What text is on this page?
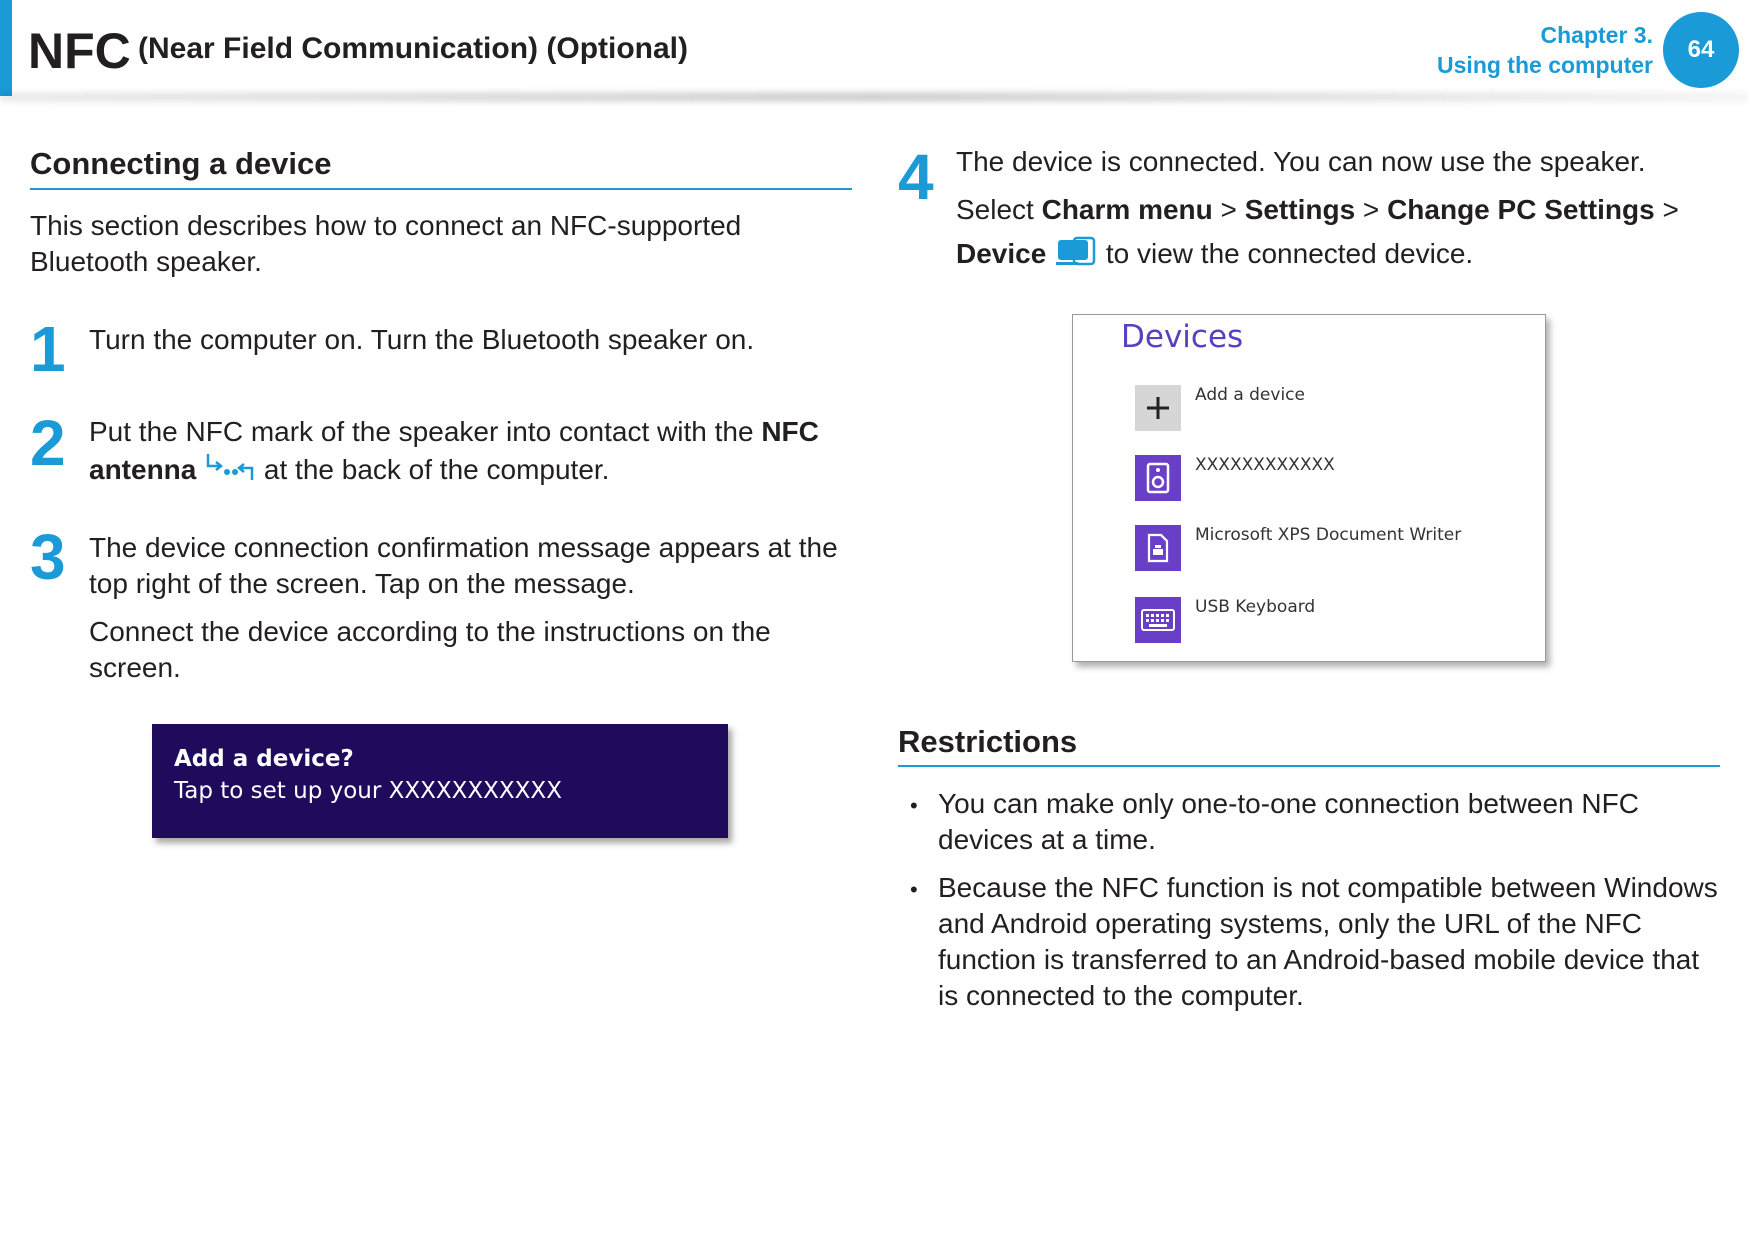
NFC (Near Field Communication) (Optional)	Chapter 3.
Using the computer
64
Connecting a device
This section describes how to connect an NFC-supported
Bluetooth speaker.
1 Turn the computer on. Turn the Bluetooth speaker on.
2 Put the NFC mark of the speaker into contact with the NFC
antenna  at the back of the computer.
3 The device connection confirmation message appears at the
top right of the screen. Tap on the message.
Connect the device according to the instructions on the
screen.
Add a device?
Tap to set up your XXXXXXXXXXX
4 The device is connected. You can now use the speaker.
Select Charm menu > Settings > Change PC Settings >
Device  to view the connected device.
Devices
Add a device
XXXXXXXXXXXX
Microsoft XPS Document Writer
USB Keyboard
Restrictions
• You can make only one-to-one connection between NFC
devices at a time.
• Because the NFC function is not compatible between Windows
and Android operating systems, only the URL of the NFC
function is transferred to an Android-based mobile device that
is connected to the computer.
